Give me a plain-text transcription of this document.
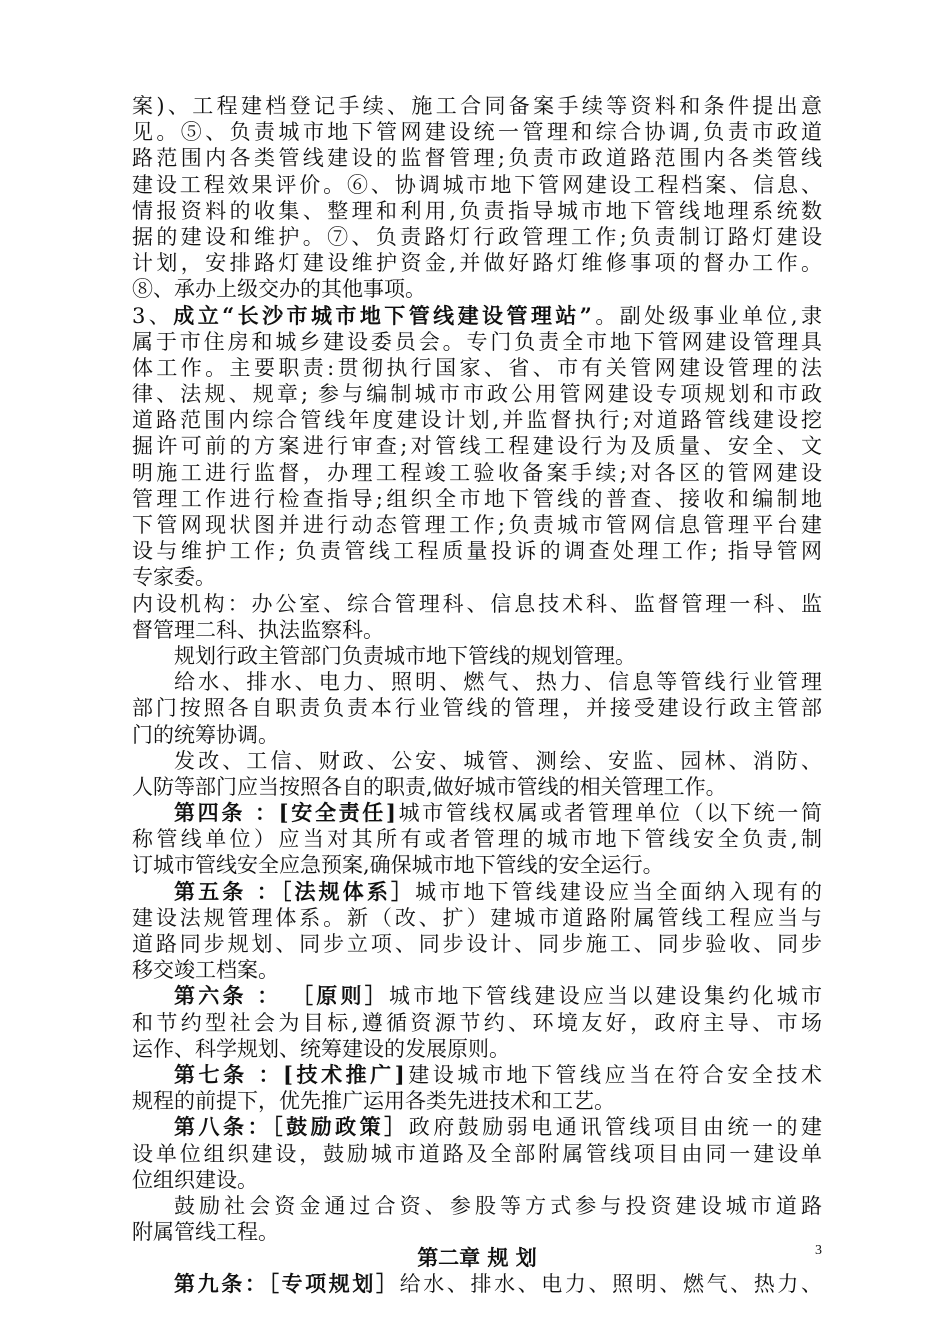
案)、工程建档登记手续、施工合同备案手续等资料和条件提出意
见。⑤、负责城市地下管网建设统一管理和综合协调,负责市政道
路范围内各类管线建设的监督管理;负责市政道路范围内各类管线
建设工程效果评价。⑥、协调城市地下管网建设工程档案、信息、
情报资料的收集、整理和利用,负责指导城市地下管线地理系统数
据的建设和维护。⑦、负责路灯行政管理工作;负责制订路灯建设
计划，安排路灯建设维护资金,并做好路灯维修事项的督办工作。
⑧、承办上级交办的其他事项。
3、成立“长沙市城市地下管线建设管理站”。副处级事业单位,隶
属于市住房和城乡建设委员会。专门负责全市地下管网建设管理具
体工作。主要职责:贯彻执行国家、省、市有关管网建设管理的法
律、法规、规章; 参与编制城市市政公用管网建设专项规划和市政
道路范围内综合管线年度建设计划,并监督执行;对道路管线建设挖
掘许可前的方案进行审查;对管线工程建设行为及质量、安全、文
明施工进行监督，办理工程竣工验收备案手续;对各区的管网建设
管理工作进行检查指导;组织全市地下管线的普查、接收和编制地
下管网现状图并进行动态管理工作;负责城市管网信息管理平台建
设与维护工作; 负责管线工程质量投诉的调查处理工作; 指导管网
专家委。
内设机构：办公室、综合管理科、信息技术科、监督管理一科、监
督管理二科、执法监察科。
规划行政主管部门负责城市地下管线的规划管理。
给水、排水、电力、照明、燃气、热力、信息等管线行业管理
部门按照各自职责负责本行业管线的管理，并接受建设行政主管部
门的统筹协调。
发改、工信、财政、公安、城管、测绘、安监、园林、消防、
人防等部门应当按照各自的职责,做好城市管线的相关管理工作。
第四条 ：[安全责任]城市管线权属或者管理单位（以下统一简
称管线单位）应当对其所有或者管理的城市地下管线安全负责,制
订城市管线安全应急预案,确保城市地下管线的安全运行。
第五条 ：［法规体系］城市地下管线建设应当全面纳入现有的
建设法规管理体系。新（改、扩）建城市道路附属管线工程应当与
道路同步规划、同步立项、同步设计、同步施工、同步验收、同步
移交竣工档案。
第六条 ： ［原则］城市地下管线建设应当以建设集约化城市
和节约型社会为目标,遵循资源节约、环境友好，政府主导、市场
运作、科学规划、统筹建设的发展原则。
第七条 ：[技术推广]建设城市地下管线应当在符合安全技术
规程的前提下，优先推广运用各类先进技术和工艺。
第八条：［鼓励政策］政府鼓励弱电通讯管线项目由统一的建
设单位组织建设，鼓励城市道路及全部附属管线项目由同一建设单
位组织建设。
鼓励社会资金通过合资、参股等方式参与投资建设城市道路
附属管线工程。
第二章 规 划
第九条：［专项规划］给水、排水、电力、照明、燃气、热力、
3
